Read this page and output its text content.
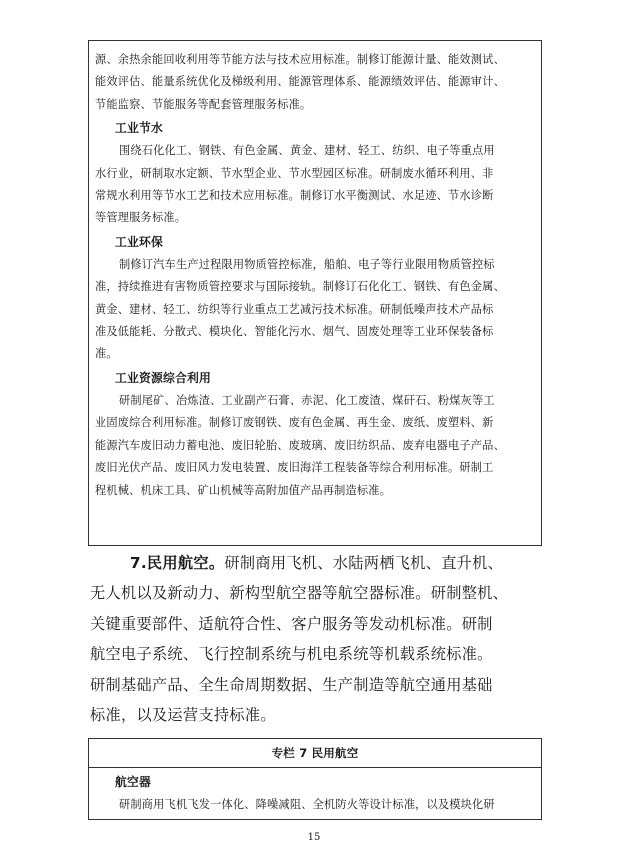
源、余热余能回收利用等节能方法与技术应用标准。制修订能源计量、能效测试、

能效评估、能量系统优化及梯级利用、能源管理体系、能源绩效评估、能源审计、

节能监察、节能服务等配套管理服务标准。

工业节水

围绕石化化工、钢铁、有色金属、黄金、建材、轻工、纺织、电子等重点用

水行业，研制取水定额、节水型企业、节水型园区标准。研制废水循环利用、非

常规水利用等节水工艺和技术应用标准。制修订水平衡测试、水足迹、节水诊断

等管理服务标准。

工业环保

制修订汽车生产过程限用物质管控标准，船舶、电子等行业限用物质管控标

准，持续推进有害物质管控要求与国际接轨。制修订石化化工、钢铁、有色金属、

黄金、建材、轻工、纺织等行业重点工艺减污技术标准。研制低噪声技术产品标

准及低能耗、分散式、模块化、智能化污水、烟气、固废处理等工业环保装备标

准。

工业资源综合利用

研制尾矿、冶炼渣、工业副产石膏、赤泥、化工废渣、煤矸石、粉煤灰等工

业固废综合利用标准。制修订废钢铁、废有色金属、再生金、废纸、废塑料、新

能源汽车废旧动力蓄电池、废旧轮胎、废玻璃、废旧纺织品、废弃电器电子产品、

废旧光伏产品、废旧风力发电装置、废旧海洋工程装备等综合利用标准。研制工

程机械、机床工具、矿山机械等高附加值产品再制造标准。

7.民用航空。研制商用飞机、水陆两栖飞机、直升机、
无人机以及新动力、新构型航空器等航空器标准。研制整机、
关键重要部件、适航符合性、客户服务等发动机标准。研制
航空电子系统、飞行控制系统与机电系统等机载系统标准。
研制基础产品、全生命周期数据、生产制造等航空通用基础
标准，以及运营支持标准。
专栏 7 民用航空
航空器

研制商用飞机飞发一体化、降噪减阻、全机防火等设计标准，以及模块化研

15
